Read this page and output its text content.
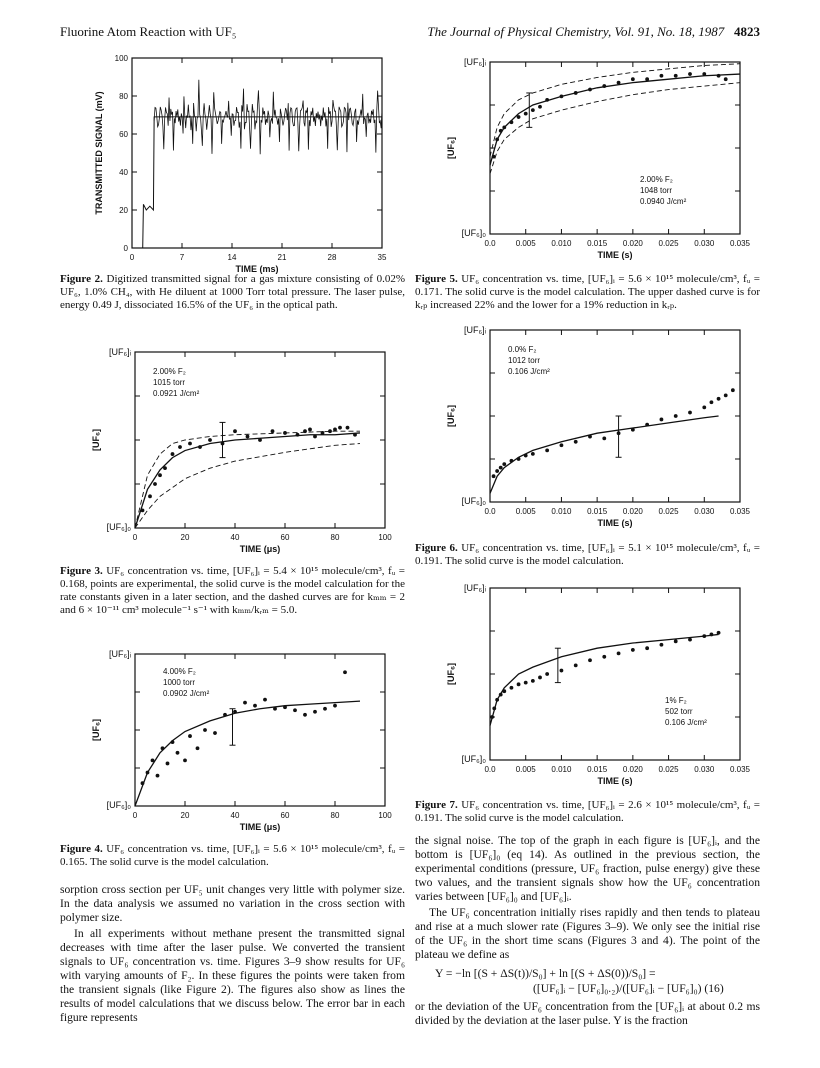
Fluorine Atom Reaction with UF₅	The Journal of Physical Chemistry, Vol. 91, No. 18, 1987 4823
0	7	14	21	28	35
TIME (ms)
0
20
40
60
80
100
TRANSMITTED SIGNAL (mV)
Figure 2. Digitized transmitted signal for a gas mixture consisting of 0.02% UF₆, 1.0% CH₄, with He diluent at 1000 Torr total pressure. The laser pulse, energy 0.49 J, dissociated 16.5% of the UF₆ in the optical path.
0	20	40	60	80	100
TIME (μs)
[UF₆]
[UF₆]ᵢ
[UF₆]₀
2.00% F₂
1015 torr
0.0921 J/cm²
Figure 3. UF₆ concentration vs. time, [UF₆]ᵢ = 5.4 × 10¹⁵ molecule/cm³, fᵤ = 0.168, points are experimental, the solid curve is the model calculation for the rate constants given in a later section, and the dashed curves are for kₘₘ = 2 and 6 × 10⁻¹¹ cm³ molecule⁻¹ s⁻¹ with kₘₘ/kᵣₘ = 5.0.
0	20	40	60	80	100
TIME (μs)
[UF₆]
[UF₆]ᵢ
[UF₆]₀
4.00% F₂
1000 torr
0.0902 J/cm²
Figure 4. UF₆ concentration vs. time, [UF₆]ᵢ = 5.6 × 10¹⁵ molecule/cm³, fᵤ = 0.165. The solid curve is the model calculation.
0.0	0.005 0.010 0.015 0.020 0.025 0.030 0.035
TIME (s)
[UF₆]
[UF₆]ᵢ
[UF₆]₀
2.00% F₂
1048 torr
0.0940 J/cm²
Figure 5. UF₆ concentration vs. time, [UF₆]ᵢ = 5.6 × 10¹⁵ molecule/cm³, fᵤ = 0.171. The solid curve is the model calculation. The upper dashed curve is for kᵣₚ increased 22% and the lower for a 19% reduction in kᵣₚ.
0.0	0.005 0.010 0.015 0.020 0.025 0.030 0.035
TIME (s)
[UF₆]
[UF₆]ᵢ
[UF₆]₀
0.0% F₂
1012 torr
0.106 J/cm²
Figure 6. UF₆ concentration vs. time, [UF₆]ᵢ = 5.1 × 10¹⁵ molecule/cm³, fᵤ = 0.191. The solid curve is the model calculation.
0.0	0.005 0.010 0.015 0.020 0.025 0.030 0.035
TIME (s)
[UF₆]
[UF₆]ᵢ
[UF₆]₀
1% F₂
502 torr
0.106 J/cm²
Figure 7. UF₆ concentration vs. time, [UF₆]ᵢ = 2.6 × 10¹⁵ molecule/cm³, fᵤ = 0.191. The solid curve is the model calculation.

sorption cross section per UF₅ unit changes very little with polymer size. In the data analysis we assumed no variation in the cross section with polymer size.

In all experiments without methane present the transmitted signal decreases with time after the laser pulse. We converted the transient signals to UF₆ concentration vs. time. Figures 3–9 show results for UF₆ with varying amounts of F₂. In these figures the points were taken from the transient signals (like Figure 2). The figures also show as lines the results of model calculations that we discuss below. The error bar in each figure represents

the signal noise. The top of the graph in each figure is [UF₆]ᵢ, and the bottom is [UF₆]₀ (eq 14). As outlined in the previous section, the experimental conditions (pressure, UF₆ fraction, pulse energy) give these two values, and the transient signals show how the UF₆ concentration varies between [UF₆]₀ and [UF₆]ᵢ.

The UF₆ concentration initially rises rapidly and then tends to plateau and rise at a much slower rate (Figures 3–9). We only see the initial rise of the UF₆ in the short time scans (Figures 3 and 4). The point of the plateau we define as

Y = −ln [(S + ΔS(t))/S₀] + ln [(S + ΔS(0))/S₀] =
([UF₆]ᵢ − [UF₆]₀.₂)/([UF₆]ᵢ − [UF₆]₀) (16)

or the deviation of the UF₆ concentration from the [UF₆]ᵢ at about 0.2 ms divided by the deviation at the laser pulse. Y is the fraction
